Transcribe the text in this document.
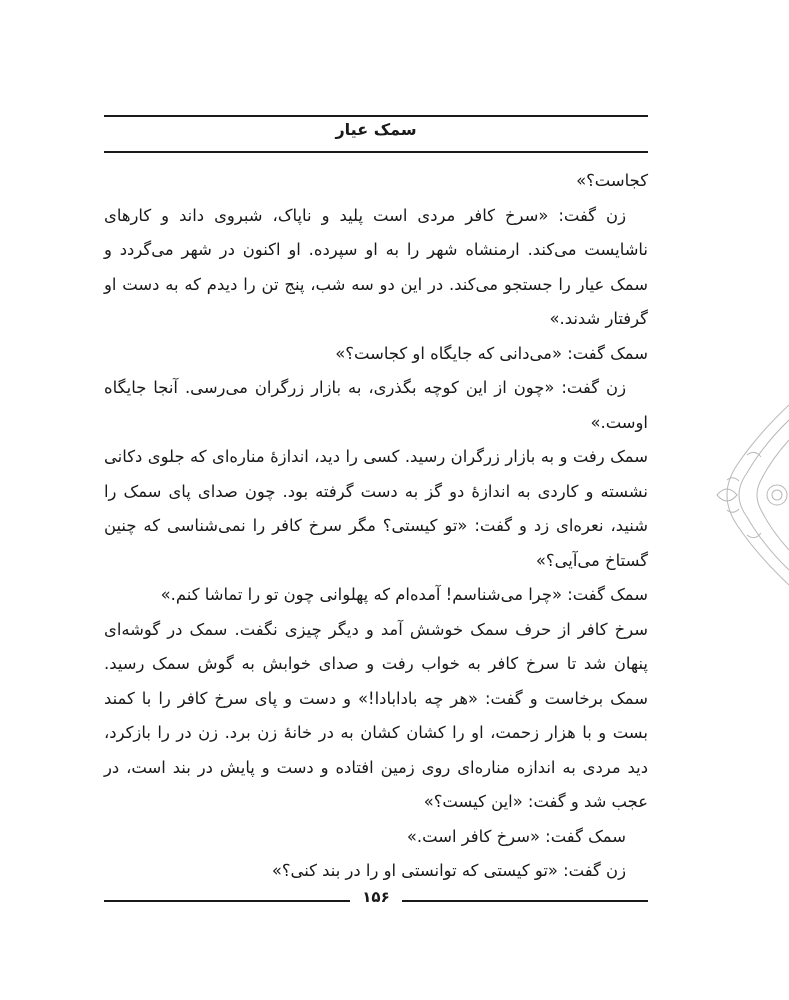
سمک عیار

کجاست؟»

زن گفت: «سرخ کافر مردی است پلید و ناپاک، شبروی داند و کارهای ناشایست می‌کند. ارمنشاه شهر را به او سپرده. او اکنون در شهر می‌گردد و سمک عیار را جستجو می‌کند. در این دو سه شب، پنج تن را دیدم که به دست او گرفتار شدند.»

سمک گفت: «می‌دانی که جایگاه او کجاست؟»

زن گفت: «چون از این کوچه بگذری، به بازار زرگران می‌رسی. آنجا جایگاه اوست.»

سمک رفت و به بازار زرگران رسید. کسی را دید، اندازهٔ مناره‌ای که جلوی دکانی نشسته و کاردی به اندازهٔ دو گز به دست گرفته بود. چون صدای پای سمک را شنید، نعره‌ای زد و گفت: «تو کیستی؟ مگر سرخ کافر را نمی‌شناسی که چنین گستاخ می‌آیی؟»

سمک گفت: «چرا می‌شناسم! آمده‌ام که پهلوانی چون تو را تماشا کنم.»

سرخ کافر از حرف سمک خوشش آمد و دیگر چیزی نگفت. سمک در گوشه‌ای پنهان شد تا سرخ کافر به خواب رفت و صدای خوابش به گوش سمک رسید. سمک برخاست و گفت: «هر چه بادابادا!» و دست و پای سرخ کافر را با کمند بست و با هزار زحمت، او را کشان کشان به در خانهٔ زن برد. زن در را بازکرد، دید مردی به اندازه مناره‌ای روی زمین افتاده و دست و پایش در بند است، در عجب شد و گفت: «این کیست؟»

سمک گفت: «سرخ کافر است.»

زن گفت: «تو کیستی که توانستی او را در بند کنی؟»

۱۵۶
